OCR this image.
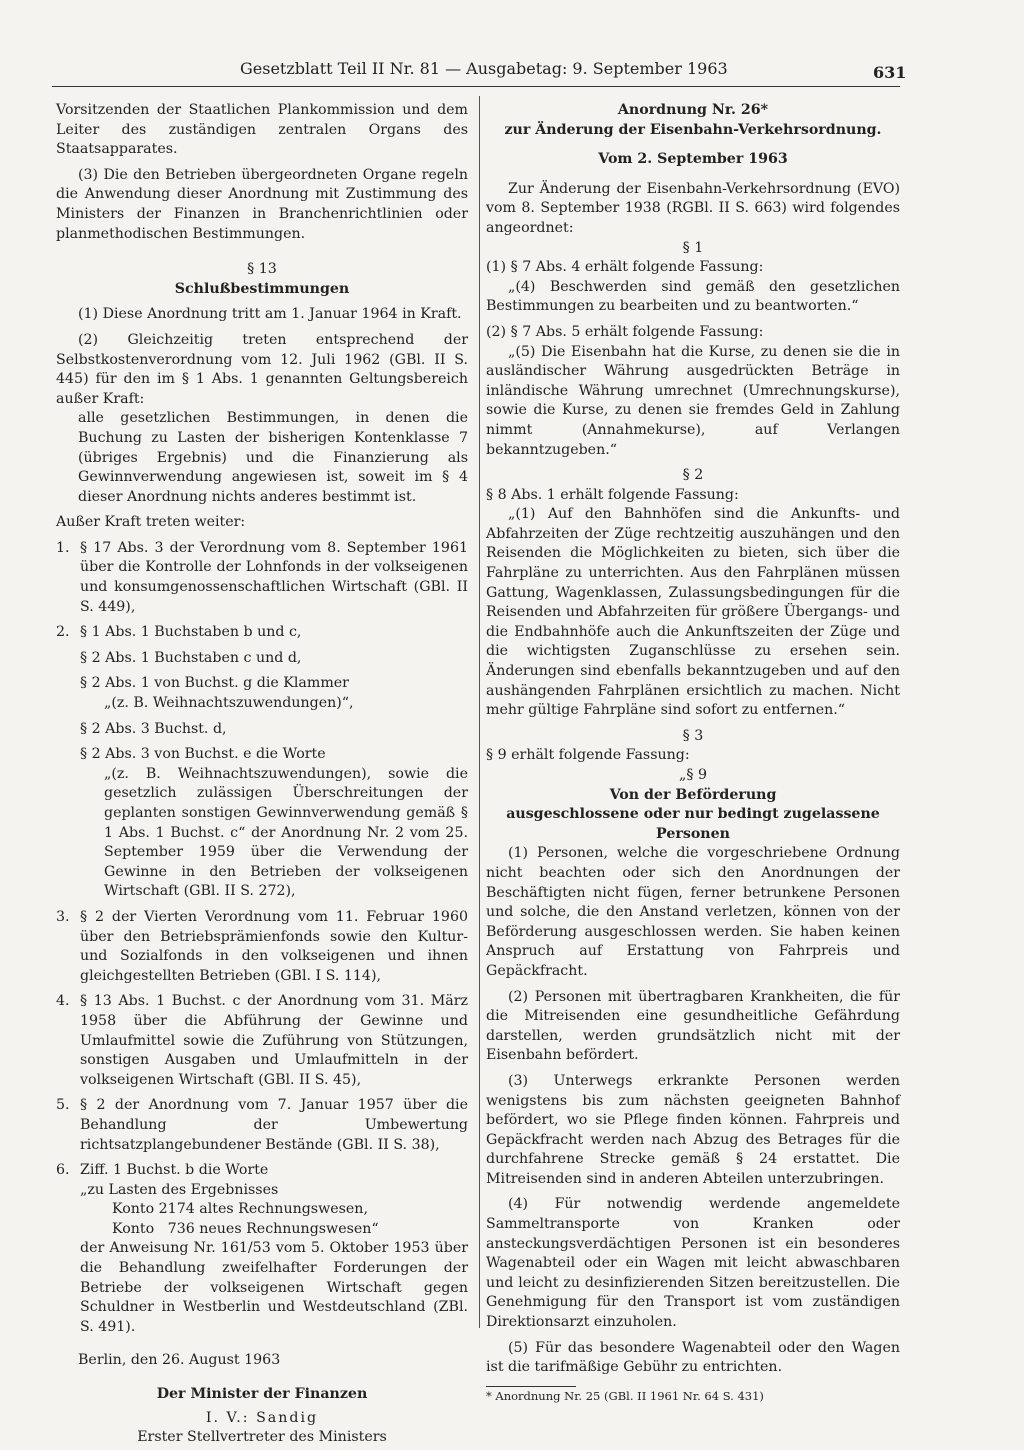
Gesetzblatt Teil II Nr. 81 — Ausgabetag: 9. September 1963	631

Vorsitzenden der Staatlichen Plankommission und dem Leiter des zuständigen zentralen Organs des Staatsapparates.

(3) Die den Betrieben übergeordneten Organe regeln die Anwendung dieser Anordnung mit Zustimmung des Ministers der Finanzen in Branchenrichtlinien oder planmethodischen Bestimmungen.

§ 13

Schlußbestimmungen

(1) Diese Anordnung tritt am 1. Januar 1964 in Kraft.

(2) Gleichzeitig treten entsprechend der Selbstkostenverordnung vom 12. Juli 1962 (GBl. II S. 445) für den im § 1 Abs. 1 genannten Geltungsbereich außer Kraft:

alle gesetzlichen Bestimmungen, in denen die Buchung zu Lasten der bisherigen Kontenklasse 7 (übriges Ergebnis) und die Finanzierung als Gewinnverwendung angewiesen ist, soweit im § 4 dieser Anordnung nichts anderes bestimmt ist.

Außer Kraft treten weiter:

1. § 17 Abs. 3 der Verordnung vom 8. September 1961 über die Kontrolle der Lohnfonds in der volkseigenen und konsumgenossenschaftlichen Wirtschaft (GBl. II S. 449),
2. § 1 Abs. 1 Buchstaben b und c,

§ 2 Abs. 1 Buchstaben c und d,

§ 2 Abs. 1 von Buchst. g die Klammer

„(z. B. Weihnachtszuwendungen)“,

§ 2 Abs. 3 Buchst. d,

§ 2 Abs. 3 von Buchst. e die Worte

„(z. B. Weihnachtszuwendungen), sowie die gesetzlich zulässigen Überschreitungen der geplanten sonstigen Gewinnverwendung gemäß § 1 Abs. 1 Buchst. c“ der Anordnung Nr. 2 vom 25. September 1959 über die Verwendung der Gewinne in den Betrieben der volkseigenen Wirtschaft (GBl. II S. 272),

3. § 2 der Vierten Verordnung vom 11. Februar 1960 über den Betriebsprämienfonds sowie den Kultur- und Sozialfonds in den volkseigenen und ihnen gleichgestellten Betrieben (GBl. I S. 114),
4. § 13 Abs. 1 Buchst. c der Anordnung vom 31. März 1958 über die Abführung der Gewinne und Umlaufmittel sowie die Zuführung von Stützungen, sonstigen Ausgaben und Umlaufmitteln in der volkseigenen Wirtschaft (GBl. II S. 45),
5. § 2 der Anordnung vom 7. Januar 1957 über die Behandlung der Umbewertung richtsatzplangebundener Bestände (GBl. II S. 38),
6. Ziff. 1 Buchst. b die Worte

„zu Lasten des Ergebnisses

Konto 2174 altes Rechnungswesen,

Konto   736 neues Rechnungswesen“

der Anweisung Nr. 161/53 vom 5. Oktober 1953 über die Behandlung zweifelhafter Forderungen der Betriebe der volkseigenen Wirtschaft gegen Schuldner in Westberlin und Westdeutschland (ZBl. S. 491).

Berlin, den 26. August 1963

Der Minister der Finanzen

I. V.: Sandig

Erster Stellvertreter des Ministers

Anordnung Nr. 26*

zur Änderung der Eisenbahn-Verkehrsordnung.

Vom 2. September 1963

Zur Änderung der Eisenbahn-Verkehrsordnung (EVO) vom 8. September 1938 (RGBl. II S. 663) wird folgendes angeordnet:

§ 1

(1) § 7 Abs. 4 erhält folgende Fassung:

„(4) Beschwerden sind gemäß den gesetzlichen Bestimmungen zu bearbeiten und zu beantworten.“

(2) § 7 Abs. 5 erhält folgende Fassung:

„(5) Die Eisenbahn hat die Kurse, zu denen sie die in ausländischer Währung ausgedrückten Beträge in inländische Währung umrechnet (Umrechnungskurse), sowie die Kurse, zu denen sie fremdes Geld in Zahlung nimmt (Annahmekurse), auf Verlangen bekanntzugeben.“

§ 2

§ 8 Abs. 1 erhält folgende Fassung:

„(1) Auf den Bahnhöfen sind die Ankunfts- und Abfahrzeiten der Züge rechtzeitig auszuhängen und den Reisenden die Möglichkeiten zu bieten, sich über die Fahrpläne zu unterrichten. Aus den Fahrplänen müssen Gattung, Wagenklassen, Zulassungsbedingungen für die Reisenden und Abfahrzeiten für größere Übergangs- und die Endbahnhöfe auch die Ankunftszeiten der Züge und die wichtigsten Zuganschlüsse zu ersehen sein. Änderungen sind ebenfalls bekanntzugeben und auf den aushängenden Fahrplänen ersichtlich zu machen. Nicht mehr gültige Fahrpläne sind sofort zu entfernen.“

§ 3

§ 9 erhält folgende Fassung:

„§ 9

Von der Beförderung

ausgeschlossene oder nur bedingt zugelassene Personen

(1) Personen, welche die vorgeschriebene Ordnung nicht beachten oder sich den Anordnungen der Beschäftigten nicht fügen, ferner betrunkene Personen und solche, die den Anstand verletzen, können von der Beförderung ausgeschlossen werden. Sie haben keinen Anspruch auf Erstattung von Fahrpreis und Gepäckfracht.

(2) Personen mit übertragbaren Krankheiten, die für die Mitreisenden eine gesundheitliche Gefährdung darstellen, werden grundsätzlich nicht mit der Eisenbahn befördert.

(3) Unterwegs erkrankte Personen werden wenigstens bis zum nächsten geeigneten Bahnhof befördert, wo sie Pflege finden können. Fahrpreis und Gepäckfracht werden nach Abzug des Betrages für die durchfahrene Strecke gemäß § 24 erstattet. Die Mitreisenden sind in anderen Abteilen unterzubringen.

(4) Für notwendig werdende angemeldete Sammeltransporte von Kranken oder ansteckungsverdächtigen Personen ist ein besonderes Wagenabteil oder ein Wagen mit leicht abwaschbaren und leicht zu desinfizierenden Sitzen bereitzustellen. Die Genehmigung für den Transport ist vom zuständigen Direktionsarzt einzuholen.

(5) Für das besondere Wagenabteil oder den Wagen ist die tarifmäßige Gebühr zu entrichten.

* Anordnung Nr. 25 (GBl. II 1961 Nr. 64 S. 431)
